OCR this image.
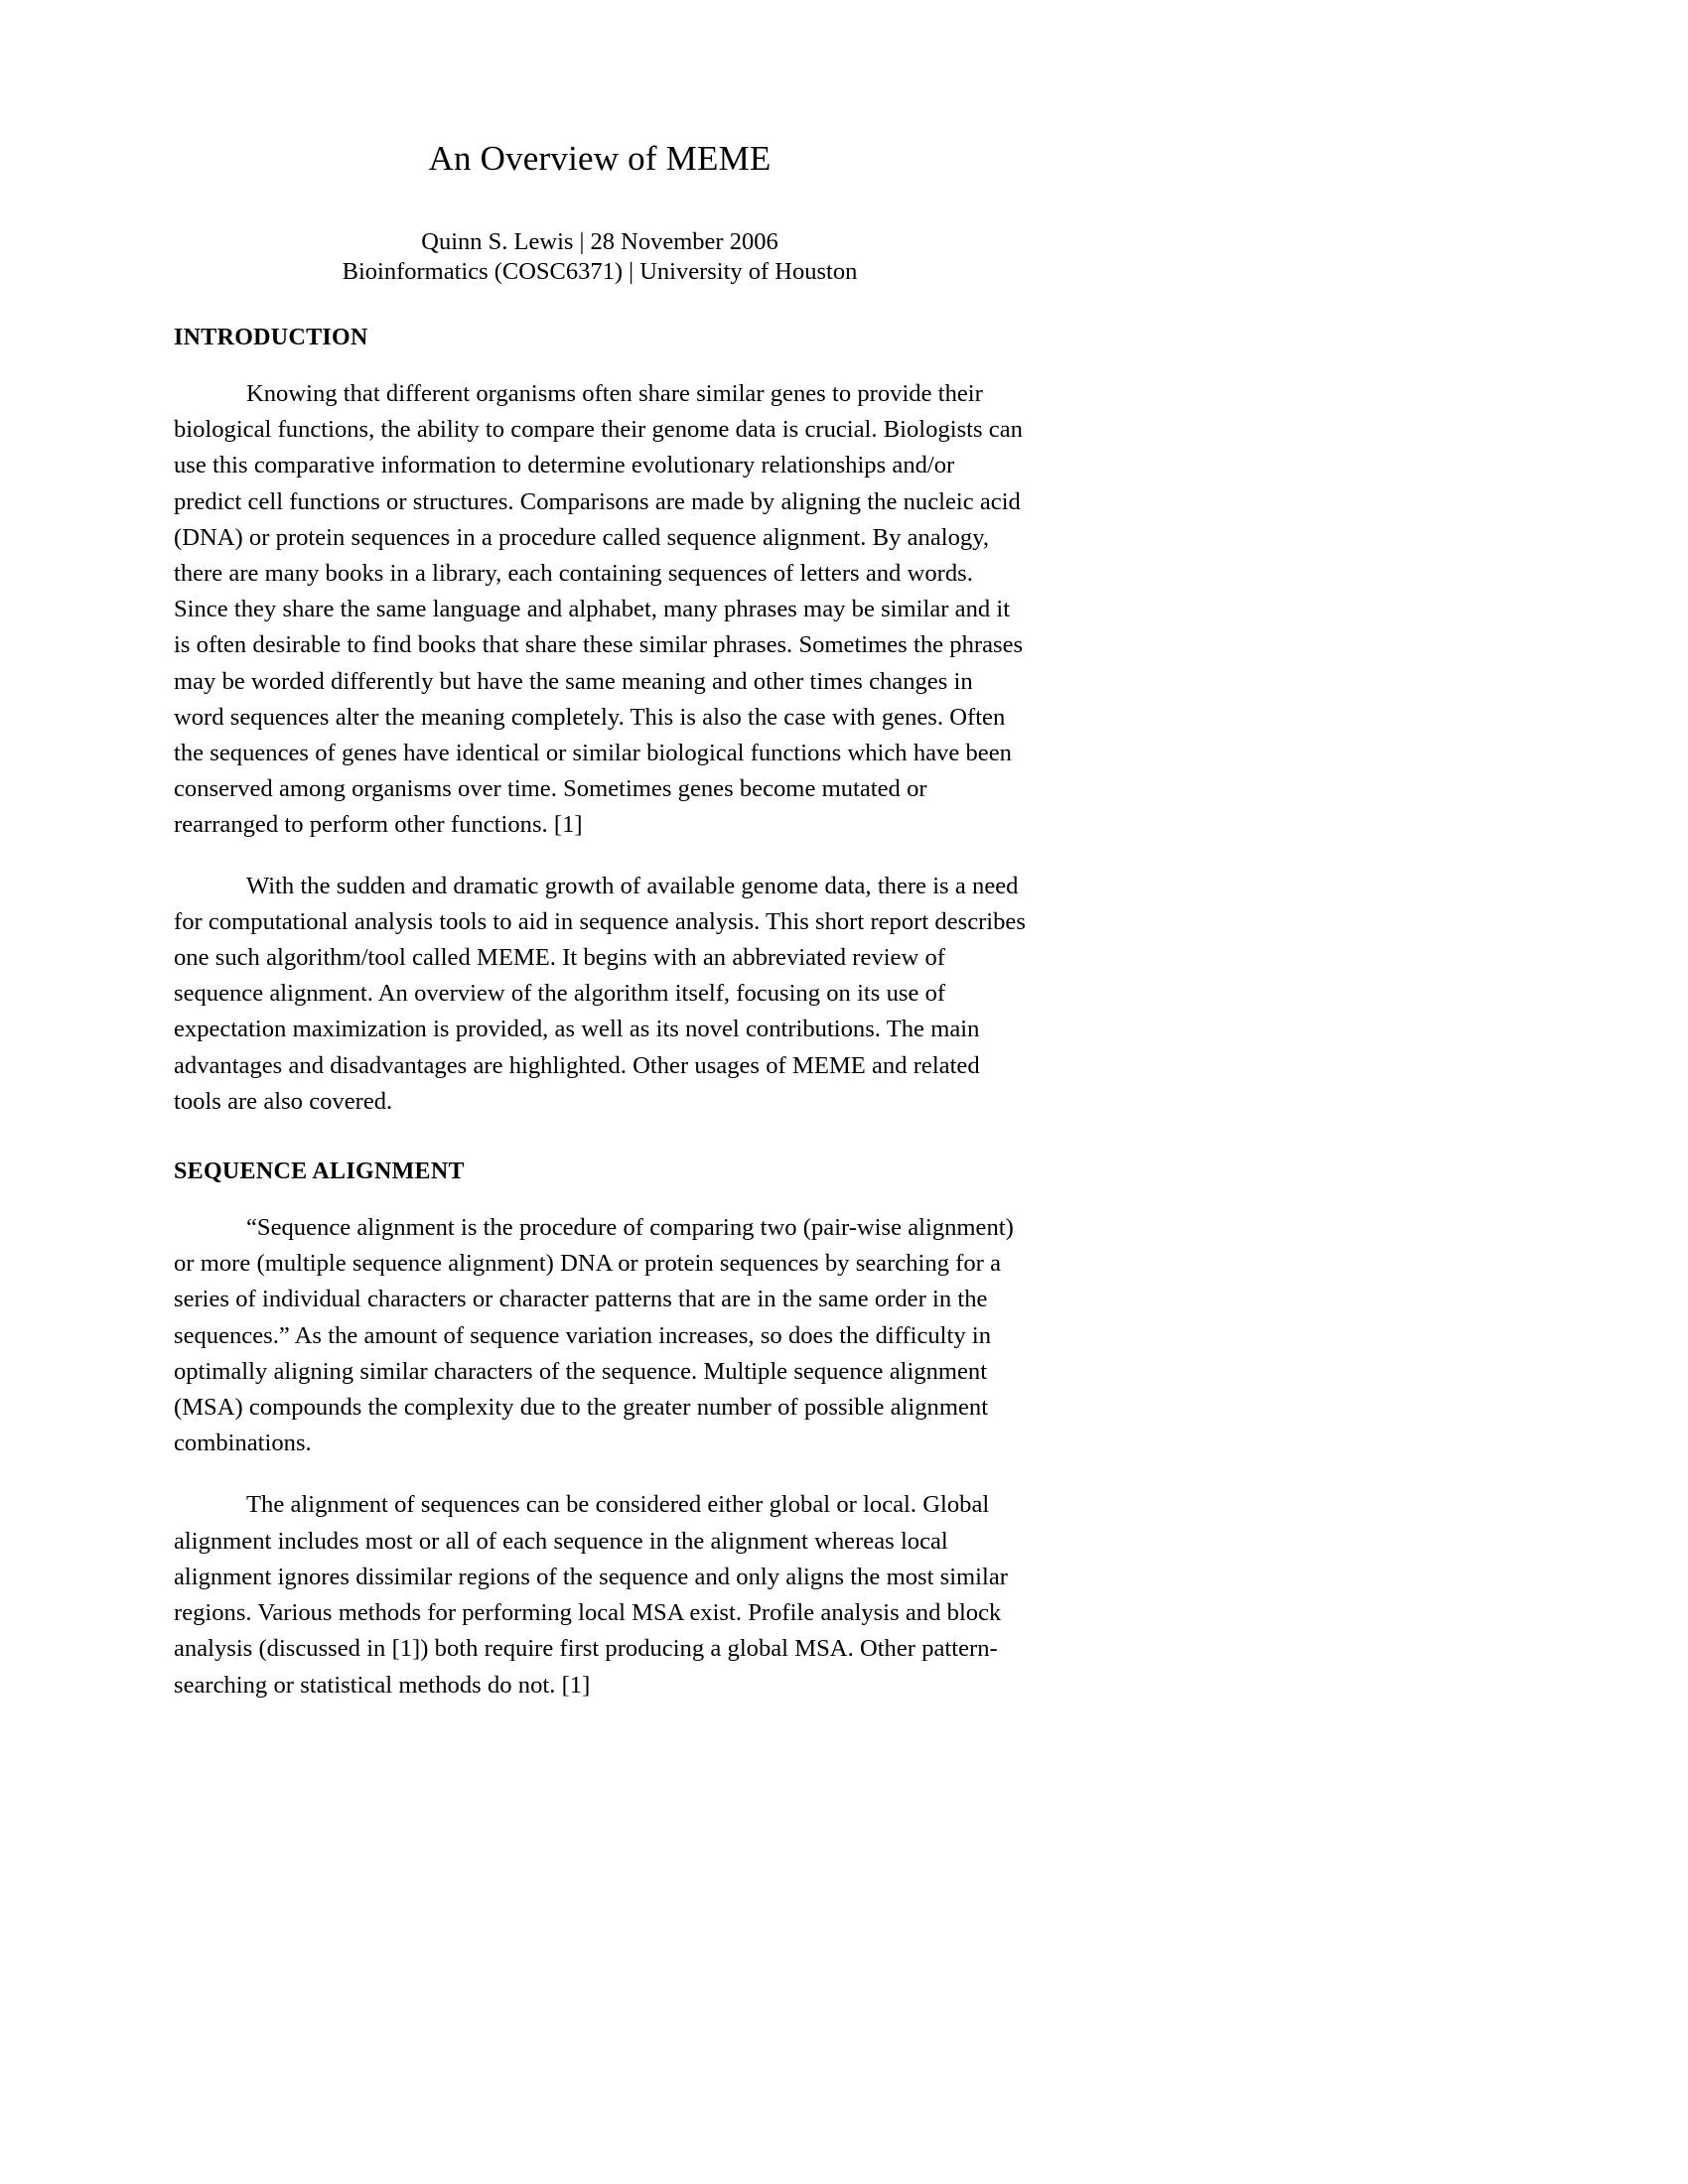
An Overview of MEME
Quinn S. Lewis | 28 November 2006
Bioinformatics (COSC6371) | University of Houston
INTRODUCTION

Knowing that different organisms often share similar genes to provide their biological functions, the ability to compare their genome data is crucial. Biologists can use this comparative information to determine evolutionary relationships and/or predict cell functions or structures. Comparisons are made by aligning the nucleic acid (DNA) or protein sequences in a procedure called sequence alignment. By analogy, there are many books in a library, each containing sequences of letters and words. Since they share the same language and alphabet, many phrases may be similar and it is often desirable to find books that share these similar phrases. Sometimes the phrases may be worded differently but have the same meaning and other times changes in word sequences alter the meaning completely. This is also the case with genes. Often the sequences of genes have identical or similar biological functions which have been conserved among organisms over time. Sometimes genes become mutated or rearranged to perform other functions. [1]

With the sudden and dramatic growth of available genome data, there is a need for computational analysis tools to aid in sequence analysis. This short report describes one such algorithm/tool called MEME. It begins with an abbreviated review of sequence alignment. An overview of the algorithm itself, focusing on its use of expectation maximization is provided, as well as its novel contributions. The main advantages and disadvantages are highlighted. Other usages of MEME and related tools are also covered.

SEQUENCE ALIGNMENT

“Sequence alignment is the procedure of comparing two (pair-wise alignment) or more (multiple sequence alignment) DNA or protein sequences by searching for a series of individual characters or character patterns that are in the same order in the sequences.” As the amount of sequence variation increases, so does the difficulty in optimally aligning similar characters of the sequence. Multiple sequence alignment (MSA) compounds the complexity due to the greater number of possible alignment combinations.

The alignment of sequences can be considered either global or local. Global alignment includes most or all of each sequence in the alignment whereas local alignment ignores dissimilar regions of the sequence and only aligns the most similar regions. Various methods for performing local MSA exist. Profile analysis and block analysis (discussed in [1]) both require first producing a global MSA. Other pattern-searching or statistical methods do not. [1]
